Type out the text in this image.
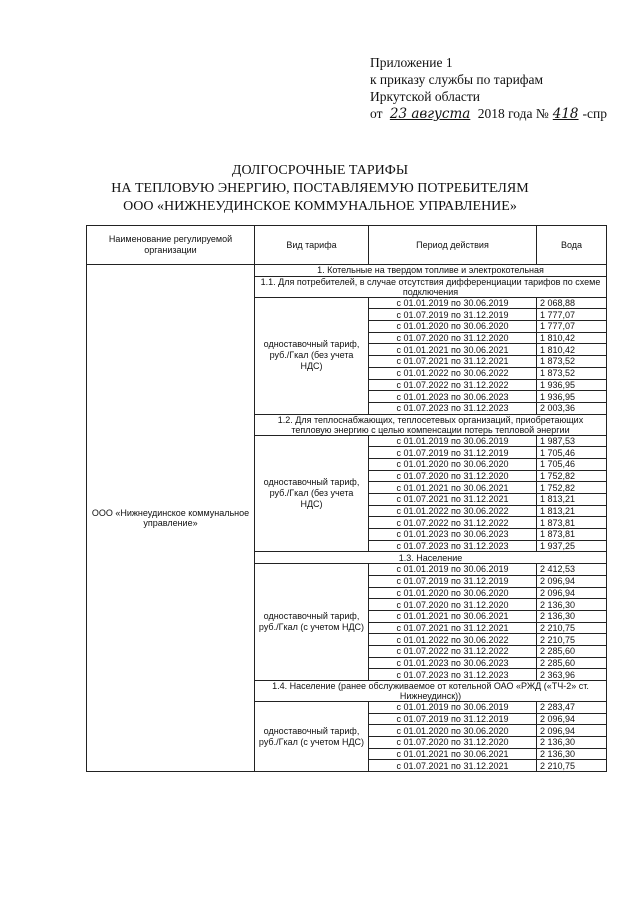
Приложение 1
к приказу службы по тарифам
Иркутской области
от 23 августа 2018 года № 418 -спр
ДОЛГОСРОЧНЫЕ ТАРИФЫ
НА ТЕПЛОВУЮ ЭНЕРГИЮ, ПОСТАВЛЯЕМУЮ ПОТРЕБИТЕЛЯМ
ООО «НИЖНЕУДИНСКОЕ КОММУНАЛЬНОЕ УПРАВЛЕНИЕ»
Наименование регулируемой организации	Вид тарифа	Период действия	Вода
ООО «Нижнеудинское коммунальное управление»	1. Котельные на твердом топливе и электрокотельная		
	1.1. Для потребителей, в случае отсутствия дифференциации тарифов по схеме подключения		
	одноставочный тариф, руб./Гкал (без учета НДС)	с 01.01.2019 по 30.06.2019	2 068,88
		с 01.07.2019 по 31.12.2019	1 777,07
		с 01.01.2020 по 30.06.2020	1 777,07
		с 01.07.2020 по 31.12.2020	1 810,42
		с 01.01.2021 по 30.06.2021	1 810,42
		с 01.07.2021 по 31.12.2021	1 873,52
		с 01.01.2022 по 30.06.2022	1 873,52
		с 01.07.2022 по 31.12.2022	1 936,95
		с 01.01.2023 по 30.06.2023	1 936,95
		с 01.07.2023 по 31.12.2023	2 003,36
	1.2. Для теплоснабжающих, теплосетевых организаций, приобретающих тепловую энергию с целью компенсации потерь тепловой энергии		
	одноставочный тариф, руб./Гкал (без учета НДС)	с 01.01.2019 по 30.06.2019	1 987,53
		с 01.07.2019 по 31.12.2019	1 705,46
		с 01.01.2020 по 30.06.2020	1 705,46
		с 01.07.2020 по 31.12.2020	1 752,82
		с 01.01.2021 по 30.06.2021	1 752,82
		с 01.07.2021 по 31.12.2021	1 813,21
		с 01.01.2022 по 30.06.2022	1 813,21
		с 01.07.2022 по 31.12.2022	1 873,81
		с 01.01.2023 по 30.06.2023	1 873,81
		с 01.07.2023 по 31.12.2023	1 937,25
	1.3. Население		
	одноставочный тариф, руб./Гкал (с учетом НДС)	с 01.01.2019 по 30.06.2019	2 412,53
		с 01.07.2019 по 31.12.2019	2 096,94
		с 01.01.2020 по 30.06.2020	2 096,94
		с 01.07.2020 по 31.12.2020	2 136,30
		с 01.01.2021 по 30.06.2021	2 136,30
		с 01.07.2021 по 31.12.2021	2 210,75
		с 01.01.2022 по 30.06.2022	2 210,75
		с 01.07.2022 по 31.12.2022	2 285,60
		с 01.01.2023 по 30.06.2023	2 285,60
		с 01.07.2023 по 31.12.2023	2 363,96
	1.4. Население (ранее обслуживаемое от котельной ОАО «РЖД («ТЧ-2» ст. Нижнеудинск))		
	одноставочный тариф, руб./Гкал (с учетом НДС)	с 01.01.2019 по 30.06.2019	2 283,47
		с 01.07.2019 по 31.12.2019	2 096,94
		с 01.01.2020 по 30.06.2020	2 096,94
		с 01.07.2020 по 31.12.2020	2 136,30
		с 01.01.2021 по 30.06.2021	2 136,30
		с 01.07.2021 по 31.12.2021	2 210,75
